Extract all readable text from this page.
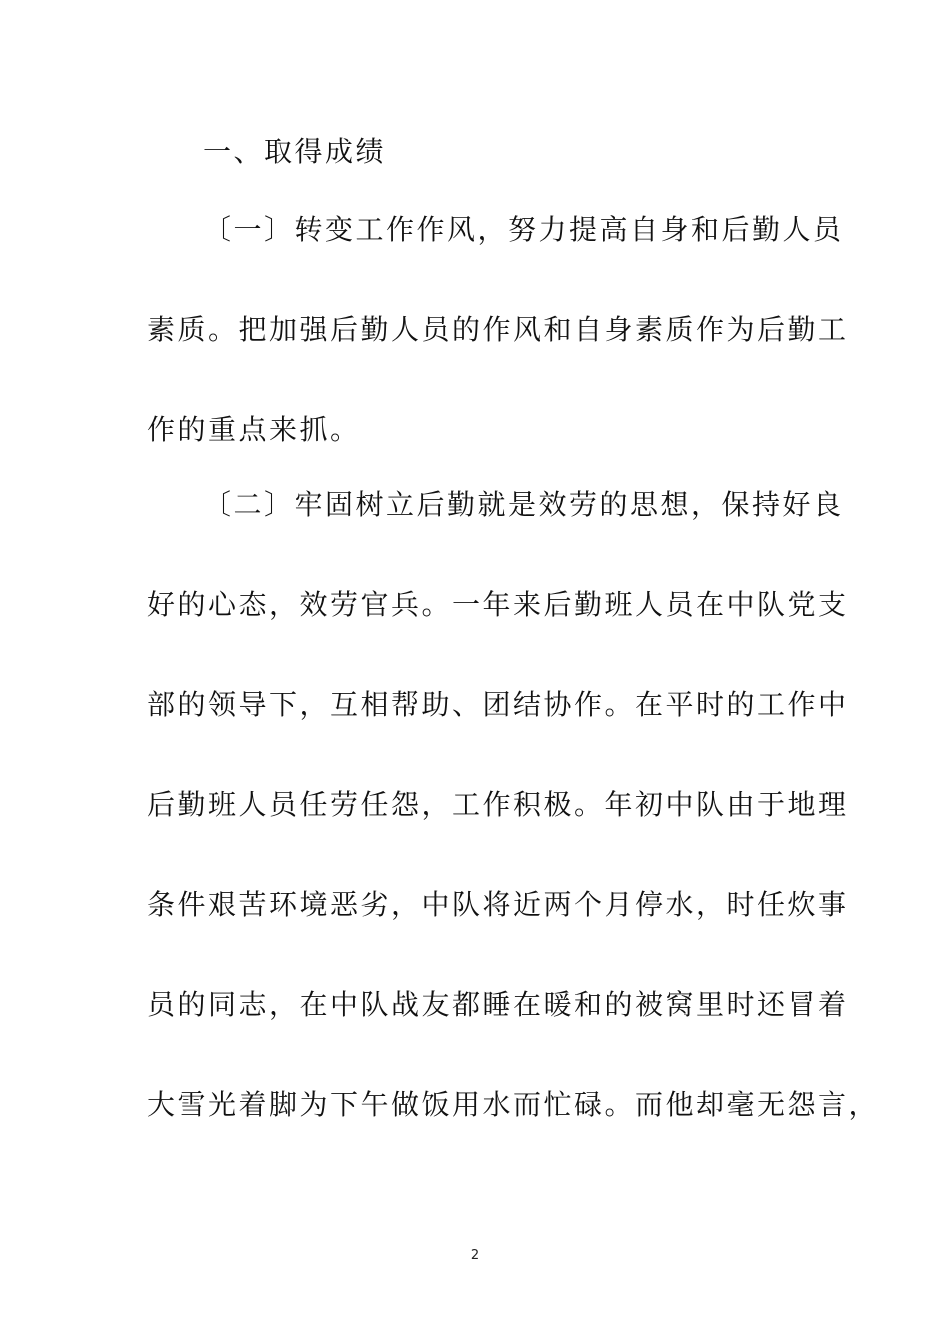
一、取得成绩
〔一〕转变工作作风，努力提高自身和后勤人员
素质。把加强后勤人员的作风和自身素质作为后勤工
作的重点来抓。
〔二〕牢固树立后勤就是效劳的思想，保持好良
好的心态，效劳官兵。一年来后勤班人员在中队党支
部的领导下，互相帮助、团结协作。在平时的工作中
后勤班人员任劳任怨，工作积极。年初中队由于地理
条件艰苦环境恶劣，中队将近两个月停水，时任炊事
员的同志，在中队战友都睡在暖和的被窝里时还冒着
大雪光着脚为下午做饭用水而忙碌。而他却毫无怨言，
2
